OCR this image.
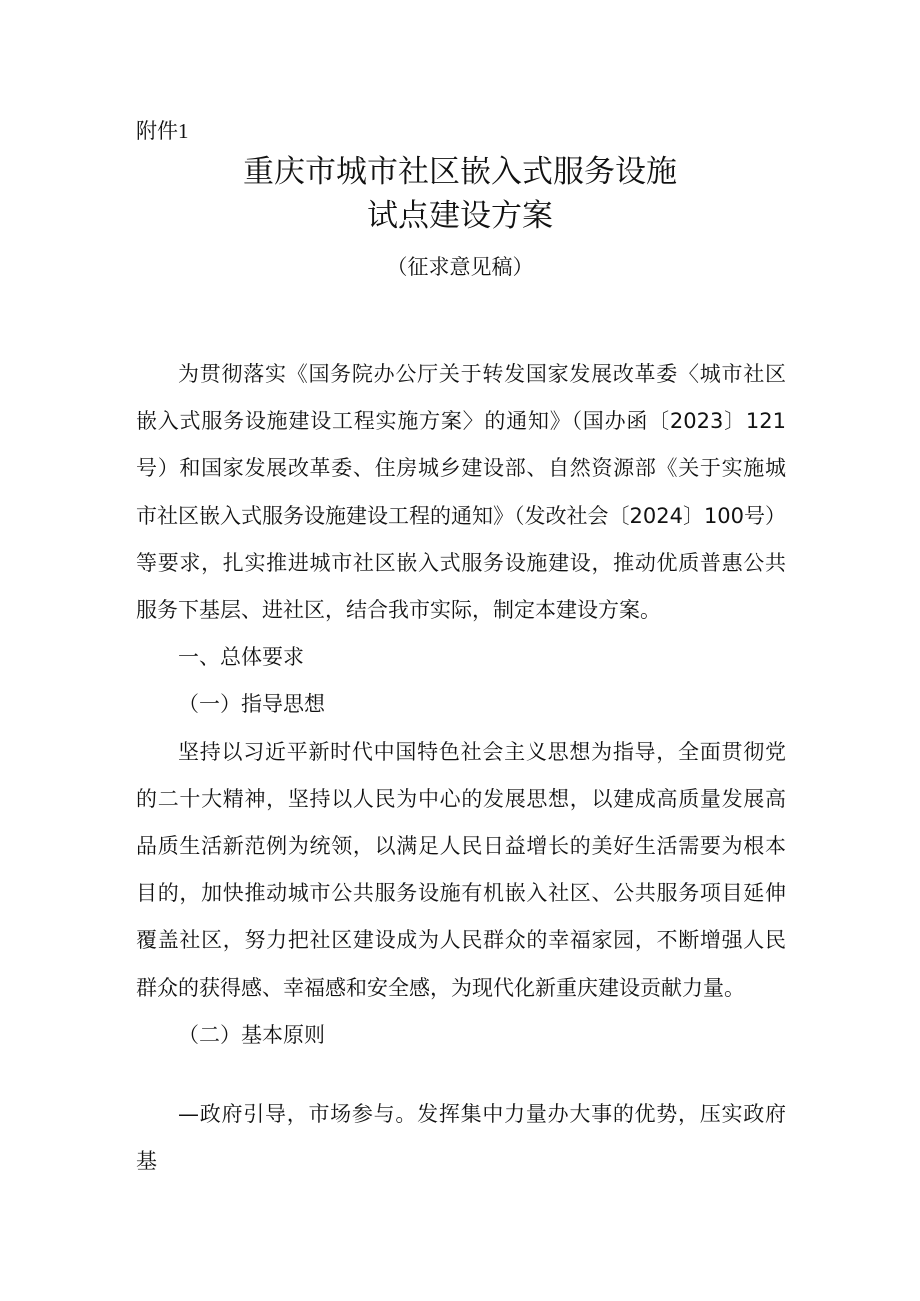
附件1
重庆市城市社区嵌入式服务设施
试点建设方案
（征求意见稿）

为贯彻落实《国务院办公厅关于转发国家发展改革委〈城市社区嵌入式服务设施建设工程实施方案〉的通知》（国办函〔2023〕121号）和国家发展改革委、住房城乡建设部、自然资源部《关于实施城市社区嵌入式服务设施建设工程的通知》（发改社会〔2024〕100号）等要求，扎实推进城市社区嵌入式服务设施建设，推动优质普惠公共服务下基层、进社区，结合我市实际，制定本建设方案。

一、总体要求

（一）指导思想

坚持以习近平新时代中国特色社会主义思想为指导，全面贯彻党的二十大精神，坚持以人民为中心的发展思想，以建成高质量发展高品质生活新范例为统领，以满足人民日益增长的美好生活需要为根本目的，加快推动城市公共服务设施有机嵌入社区、公共服务项目延伸覆盖社区，努力把社区建设成为人民群众的幸福家园，不断增强人民群众的获得感、幸福感和安全感，为现代化新重庆建设贡献力量。

（二）基本原则

—政府引导，市场参与。发挥集中力量办大事的优势，压实政府基
